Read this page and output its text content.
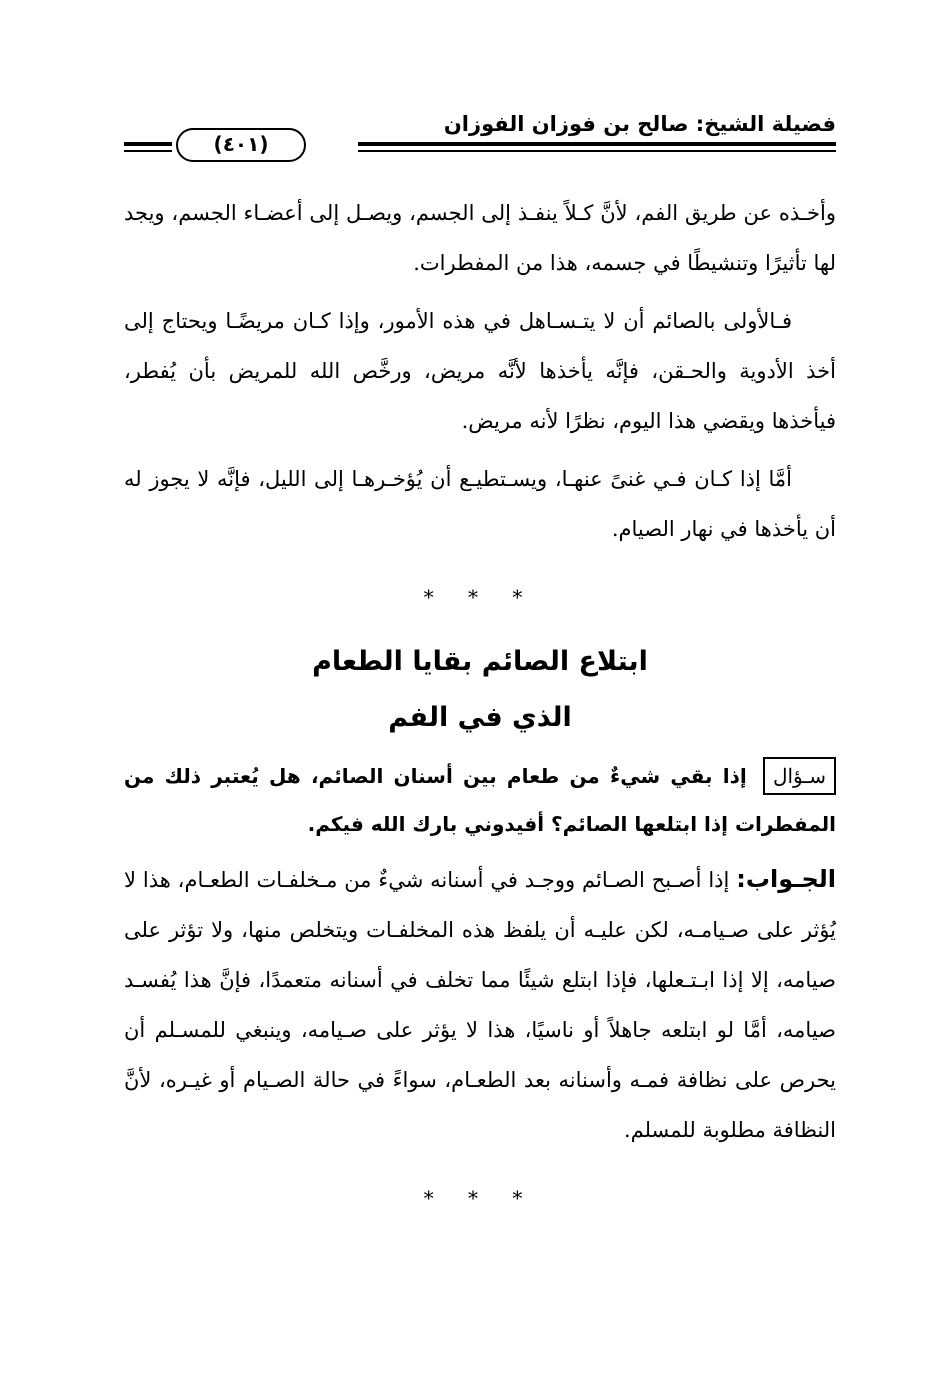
فضيلة الشيخ: صالح بن فوزان الفوزان
(٤٠١)

وأخـذه عن طريق الفم، لأنَّ كـلاً ينفـذ إلى الجسم، ويصـل إلى أعضـاء الجسم، ويجد لها تأثيرًا وتنشيطًا في جسمه، هذا من المفطرات.

فـالأولى بالصائم أن لا يتـسـاهل في هذه الأمور، وإذا كـان مريضًـا ويحتاج إلى أخذ الأدوية والحـقن، فإنَّه يأخذها لأنَّه مريض، ورخَّص الله للمريض بأن يُفطر، فيأخذها ويقضي هذا اليوم، نظرًا لأنه مريض.

أمَّا إذا كـان فـي غنىً عنهـا، ويسـتطيـع أن يُؤخـرهـا إلى الليل، فإنَّه لا يجوز له أن يأخذها في نهار الصيام.

* * *
ابتلاع الصائم بقايا الطعام
الذي في الفم
سـؤال إذا بقي شيءٌ من طعام بين أسنان الصائم، هل يُعتبر ذلك من المفطرات إذا ابتلعها الصائم؟ أفيدوني بارك الله فيكم.

الجـواب: إذا أصـبح الصـائم ووجـد في أسنانه شيءٌ من مـخلفـات الطعـام، هذا لا يُؤثر على صـيامـه، لكن عليـه أن يلفظ هذه المخلفـات ويتخلص منها، ولا تؤثر على صيامه، إلا إذا ابـتـعلها، فإذا ابتلع شيئًا مما تخلف في أسنانه متعمدًا، فإنَّ هذا يُفسـد صيامه، أمَّا لو ابتلعه جاهلاً أو ناسيًا، هذا لا يؤثر على صـيامه، وينبغي للمسـلم أن يحرص على نظافة فمـه وأسنانه بعد الطعـام، سواءً في حالة الصـيام أو غيـره، لأنَّ النظافة مطلوبة للمسلم.

* * *
